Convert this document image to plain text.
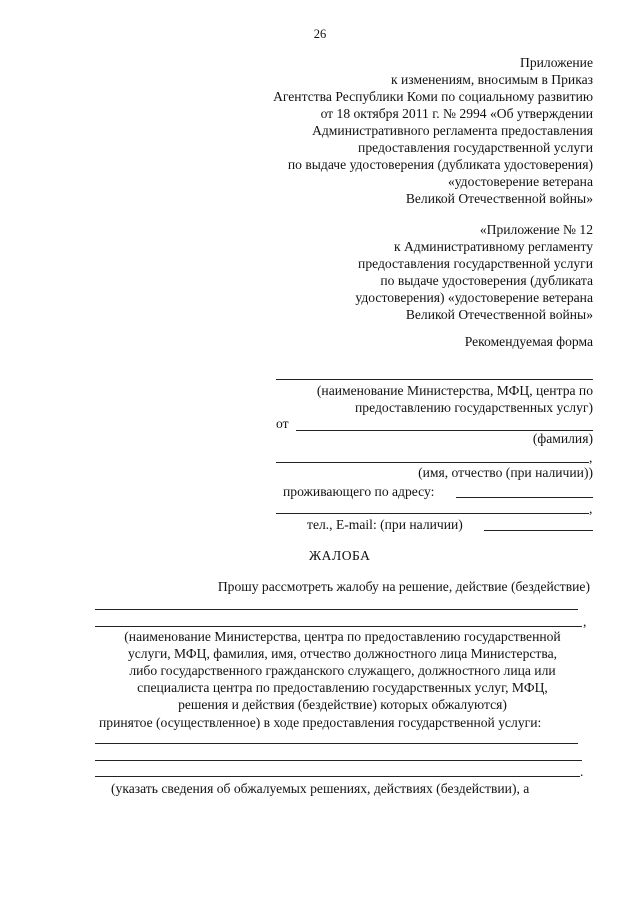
26
Приложение
к изменениям, вносимым в Приказ
Агентства Республики Коми по социальному развитию
от 18 октября 2011 г. № 2994 «Об утверждении
Административного регламента предоставления
предоставления государственной услуги
по выдаче удостоверения (дубликата удостоверения)
«удостоверение ветерана
Великой Отечественной войны»
«Приложение № 12
к Административному регламенту
предоставления государственной услуги
по выдаче удостоверения (дубликата
удостоверения) «удостоверение ветерана
Великой Отечественной войны»
Рекомендуемая форма
(наименование Министерства, МФЦ, центра по
предоставлению государственных услуг)
от
(фамилия)
,
(имя, отчество (при наличии))
проживающего по адресу:
,
тел., E-mail: (при наличии)
ЖАЛОБА
Прошу рассмотреть жалобу на решение, действие (бездействие)
,
(наименование Министерства, центра по предоставлению государственной
услуги, МФЦ, фамилия, имя, отчество должностного лица Министерства,
либо государственного гражданского служащего, должностного лица или
специалиста центра по предоставлению государственных услуг, МФЦ,
решения и действия (бездействие) которых обжалуются)
принятое (осуществленное) в ходе предоставления государственной услуги:
.
(указать сведения об обжалуемых решениях, действиях (бездействии), а
